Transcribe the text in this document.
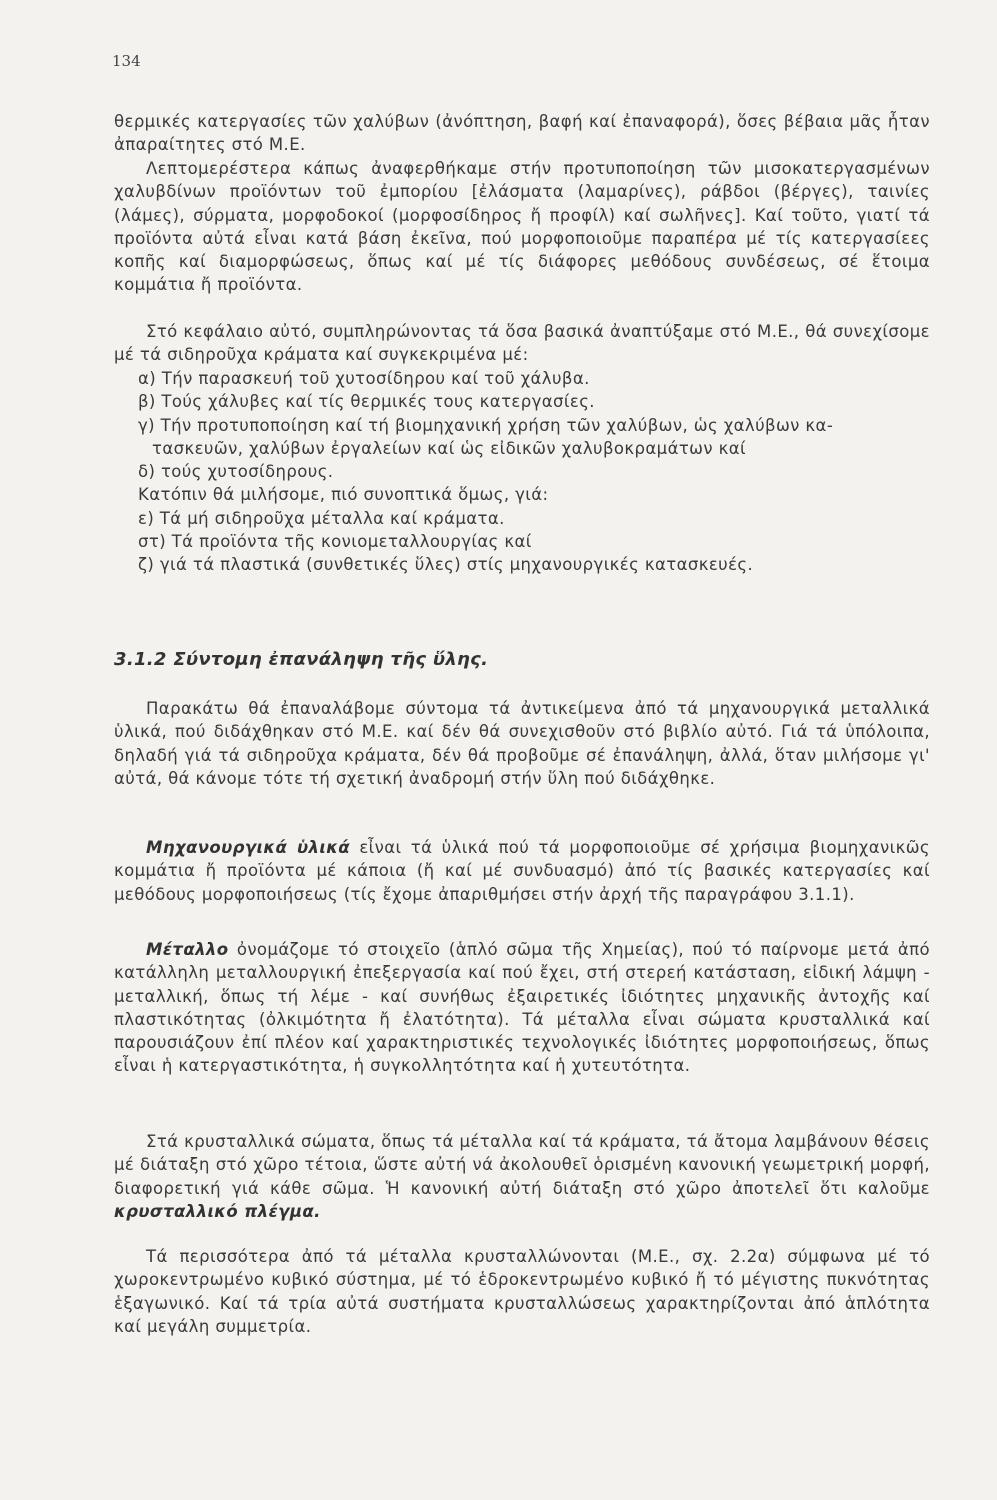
134

θερμικές κατεργασίες τῶν χαλύβων (ἀνόπτηση, βαφή καί ἐπαναφορά), ὅσες βέβαια μᾶς ἦταν ἀπαραίτητες στό Μ.Ε.

Λεπτομερέστερα κάπως ἀναφερθήκαμε στήν προτυποποίηση τῶν μισοκατεργασμένων χαλυβδίνων προϊόντων τοῦ ἐμπορίου [ἐλάσματα (λαμαρίνες), ράβδοι (βέργες), ταινίες (λάμες), σύρματα, μορφοδοκοί (μορφοσίδηρος ἤ προφίλ) καί σωλῆνες]. Καί τοῦτο, γιατί τά προϊόντα αὐτά εἶναι κατά βάση ἐκεῖνα, πού μορφοποιοῦμε παραπέρα μέ τίς κατεργασίεες κοπῆς καί διαμορφώσεως, ὅπως καί μέ τίς διάφορες μεθόδους συνδέσεως, σέ ἕτοιμα κομμάτια ἤ προϊόντα.

Στό κεφάλαιο αὐτό, συμπληρώνοντας τά ὅσα βασικά ἀναπτύξαμε στό Μ.Ε., θά συνεχίσομε μέ τά σιδηροῦχα κράματα καί συγκεκριμένα μέ:

α) Τήν παρασκευή τοῦ χυτοσίδηρου καί τοῦ χάλυβα.
β) Τούς χάλυβες καί τίς θερμικές τους κατεργασίες.
γ) Τήν προτυποποίηση καί τή βιομηχανική χρήση τῶν χαλύβων, ὡς χαλύβων κα-
τασκευῶν, χαλύβων ἐργαλείων καί ὡς εἰδικῶν χαλυβοκραμάτων καί
δ) τούς χυτοσίδηρους.
Κατόπιν θά μιλήσομε, πιό συνοπτικά ὅμως, γιά:
ε) Τά μή σιδηροῦχα μέταλλα καί κράματα.
στ) Τά προϊόντα τῆς κονιομεταλλουργίας καί
ζ) γιά τά πλαστικά (συνθετικές ὕλες) στίς μηχανουργικές κατασκευές.
3.1.2 Σύντομη ἐπανάληψη τῆς ὕλης.

Παρακάτω θά ἐπαναλάβομε σύντομα τά ἀντικείμενα ἀπό τά μηχανουργικά μεταλλικά ὑλικά, πού διδάχθηκαν στό Μ.Ε. καί δέν θά συνεχισθοῦν στό βιβλίο αὐτό. Γιά τά ὑπόλοιπα, δηλαδή γιά τά σιδηροῦχα κράματα, δέν θά προβοῦμε σέ ἐπανάληψη, ἀλλά, ὅταν μιλήσομε γι' αὐτά, θά κάνομε τότε τή σχετική ἀναδρομή στήν ὕλη πού διδάχθηκε.

Μηχανουργικά ὑλικά εἶναι τά ὑλικά πού τά μορφοποιοῦμε σέ χρήσιμα βιομηχανικῶς κομμάτια ἤ προϊόντα μέ κάποια (ἤ καί μέ συνδυασμό) ἀπό τίς βασικές κατεργασίες καί μεθόδους μορφοποιήσεως (τίς ἔχομε ἀπαριθμήσει στήν ἀρχή τῆς παραγράφου 3.1.1).

Μέταλλο ὀνομάζομε τό στοιχεῖο (ἁπλό σῶμα τῆς Χημείας), πού τό παίρνομε μετά ἀπό κατάλληλη μεταλλουργική ἐπεξεργασία καί πού ἔχει, στή στερεή κατάσταση, εἰδική λάμψη - μεταλλική, ὅπως τή λέμε - καί συνήθως ἐξαιρετικές ἰδιότητες μηχανικῆς ἀντοχῆς καί πλαστικότητας (ὀλκιμότητα ἤ ἐλατότητα). Τά μέταλλα εἶναι σώματα κρυσταλλικά καί παρουσιάζουν ἐπί πλέον καί χαρακτηριστικές τεχνολογικές ἰδιότητες μορφοποιήσεως, ὅπως εἶναι ἡ κατεργαστικότητα, ἡ συγκολλητότητα καί ἡ χυτευτότητα.

Στά κρυσταλλικά σώματα, ὅπως τά μέταλλα καί τά κράματα, τά ἄτομα λαμβάνουν θέσεις μέ διάταξη στό χῶρο τέτοια, ὥστε αὐτή νά ἀκολουθεῖ ὁρισμένη κανονική γεωμετρική μορφή, διαφορετική γιά κάθε σῶμα. Ἡ κανονική αὐτή διάταξη στό χῶρο ἀποτελεῖ ὅτι καλοῦμε κρυσταλλικό πλέγμα.

Τά περισσότερα ἀπό τά μέταλλα κρυσταλλώνονται (Μ.Ε., σχ. 2.2α) σύμφωνα μέ τό χωροκεντρωμένο κυβικό σύστημα, μέ τό ἑδροκεντρωμένο κυβικό ἤ τό μέγιστης πυκνότητας ἑξαγωνικό. Καί τά τρία αὐτά συστήματα κρυσταλλώσεως χαρακτηρίζονται ἀπό ἁπλότητα καί μεγάλη συμμετρία.
